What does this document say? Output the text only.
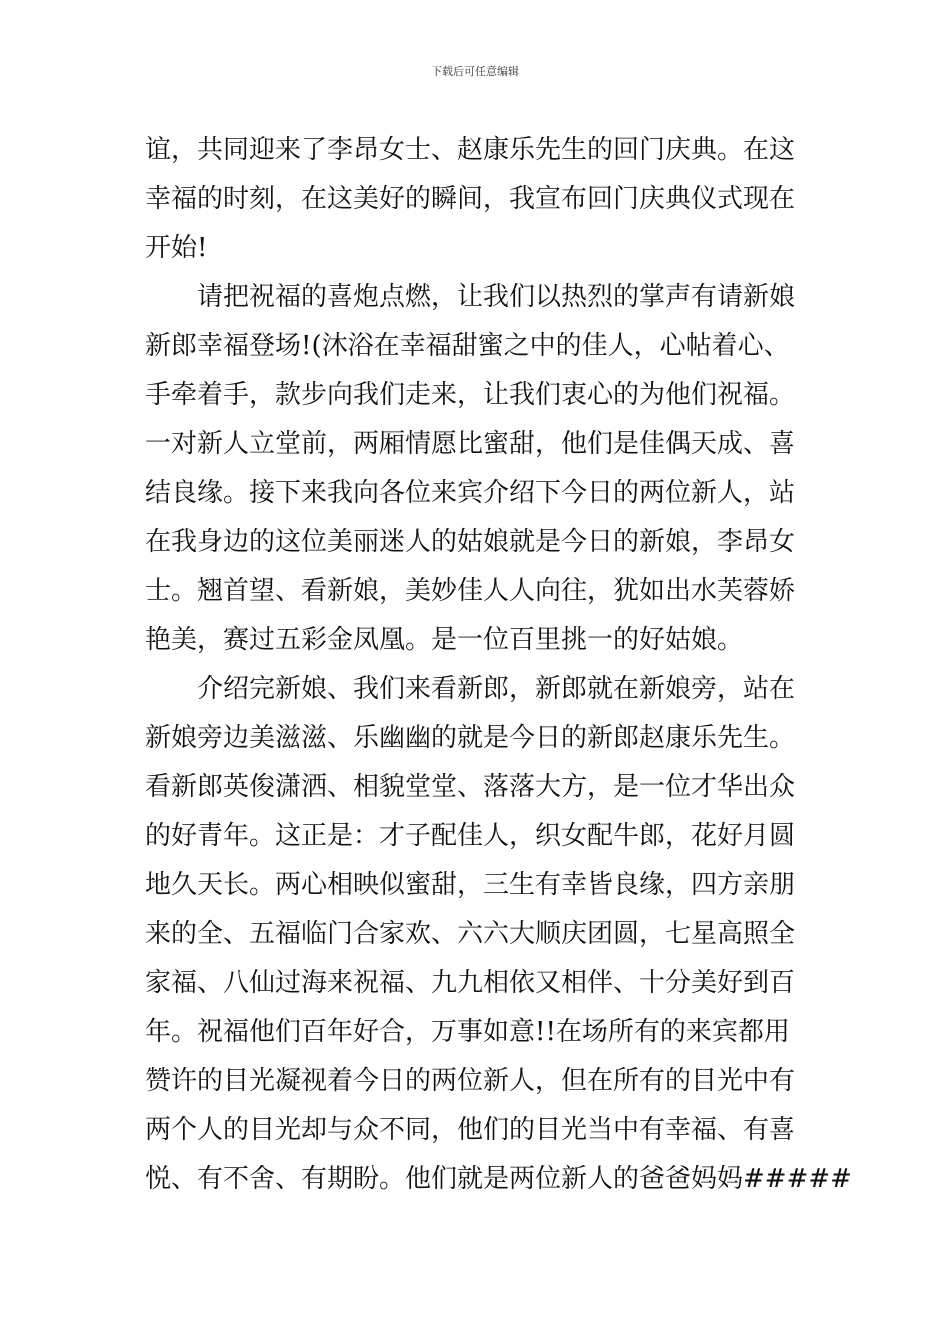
下载后可任意编辑
谊，共同迎来了李昂女士、赵康乐先生的回门庆典。在这
幸福的时刻，在这美好的瞬间，我宣布回门庆典仪式现在
开始!
请把祝福的喜炮点燃，让我们以热烈的掌声有请新娘
新郎幸福登场!(沐浴在幸福甜蜜之中的佳人，心帖着心、
手牵着手，款步向我们走来，让我们衷心的为他们祝福。
一对新人立堂前，两厢情愿比蜜甜，他们是佳偶天成、喜
结良缘。接下来我向各位来宾介绍下今日的两位新人，站
在我身边的这位美丽迷人的姑娘就是今日的新娘，李昂女
士。翘首望、看新娘，美妙佳人人向往，犹如出水芙蓉娇
艳美，赛过五彩金凤凰。是一位百里挑一的好姑娘。
介绍完新娘、我们来看新郎，新郎就在新娘旁，站在
新娘旁边美滋滋、乐幽幽的就是今日的新郎赵康乐先生。
看新郎英俊潇洒、相貌堂堂、落落大方，是一位才华出众
的好青年。这正是：才子配佳人，织女配牛郎，花好月圆
地久天长。两心相映似蜜甜，三生有幸皆良缘，四方亲朋
来的全、五福临门合家欢、六六大顺庆团圆，七星高照全
家福、八仙过海来祝福、九九相依又相伴、十分美好到百
年。祝福他们百年好合，万事如意!!在场所有的来宾都用
赞许的目光凝视着今日的两位新人，但在所有的目光中有
两个人的目光却与众不同，他们的目光当中有幸福、有喜
悦、有不舍、有期盼。他们就是两位新人的爸爸妈妈#####
